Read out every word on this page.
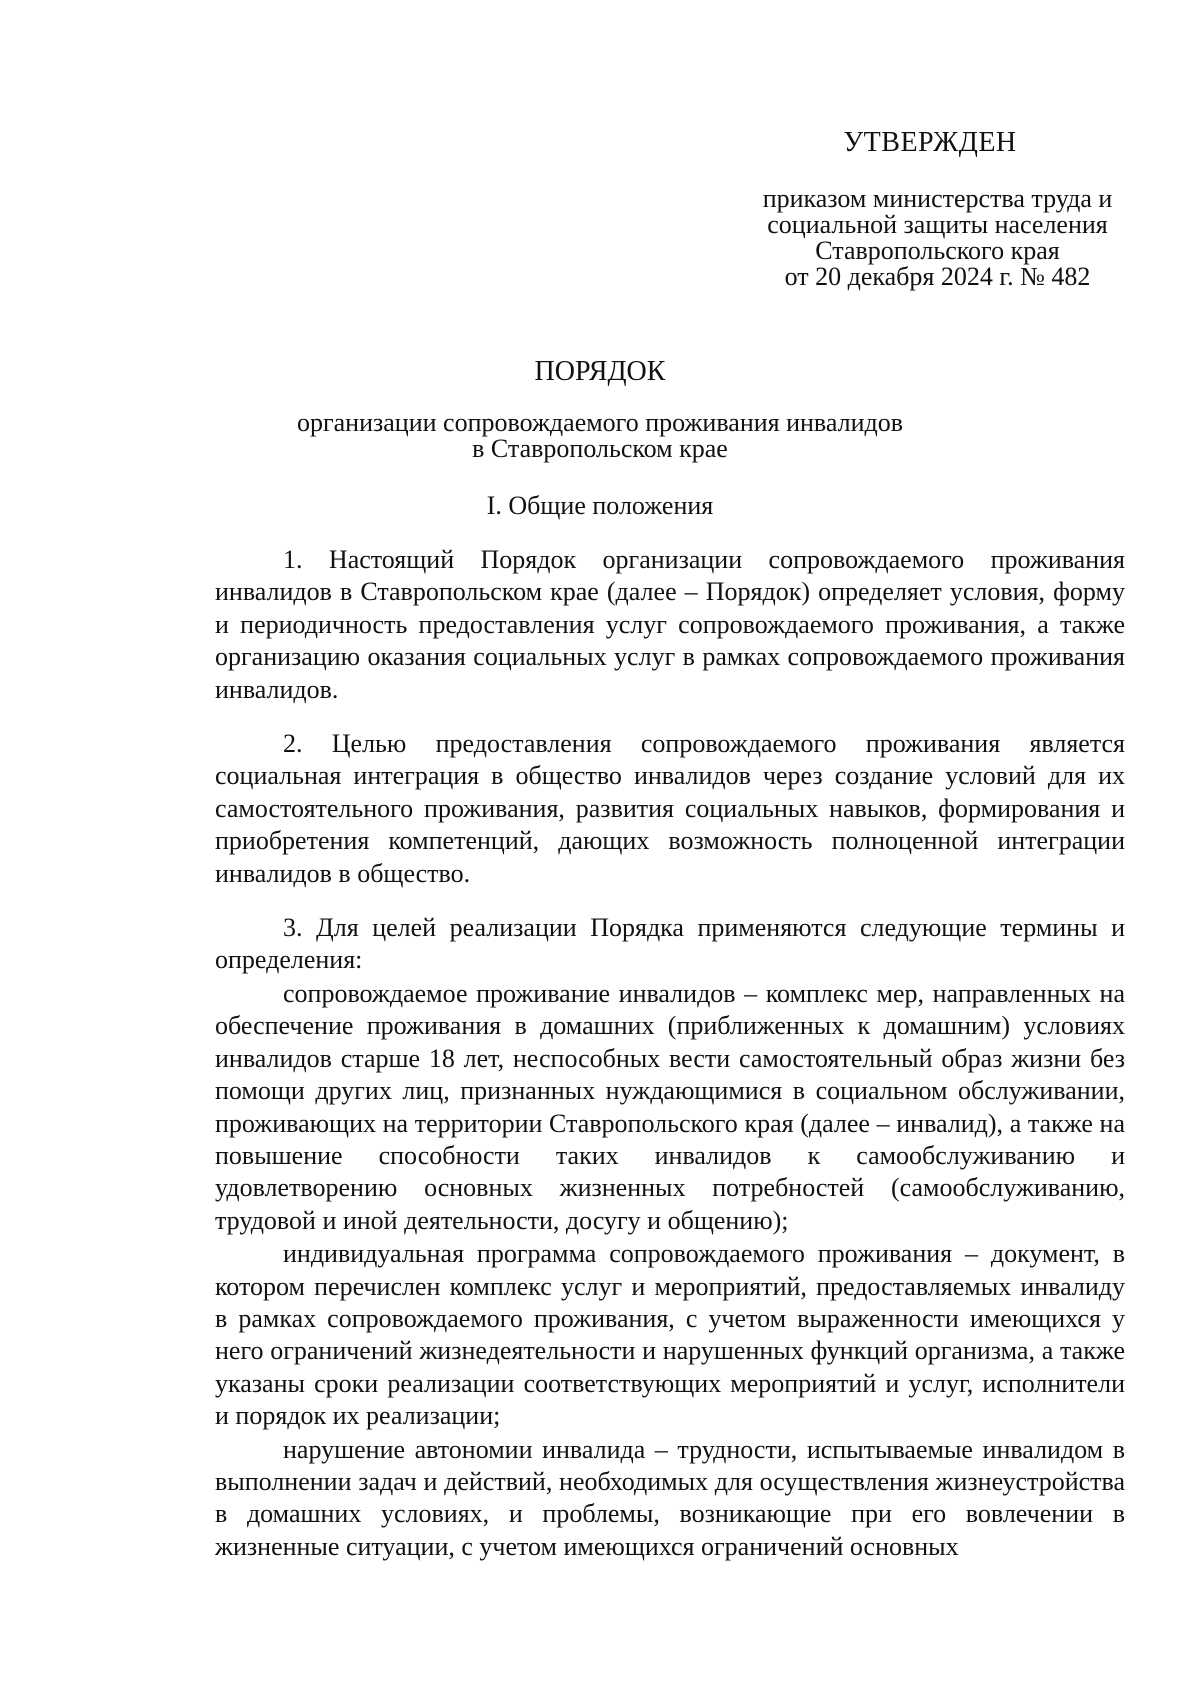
УТВЕРЖДЕН
приказом министерства труда и
социальной защиты населения
Ставропольского края
от 20 декабря 2024 г. № 482
ПОРЯДОК
организации сопровождаемого проживания инвалидов
в Ставропольском крае
I. Общие положения

1. Настоящий Порядок организации сопровождаемого проживания инвалидов в Ставропольском крае (далее – Порядок) определяет условия, форму и периодичность предоставления услуг сопровождаемого проживания, а также организацию оказания социальных услуг в рамках сопровождаемого проживания инвалидов.

2. Целью предоставления сопровождаемого проживания является социальная интеграция в общество инвалидов через создание условий для их самостоятельного проживания, развития социальных навыков, формирования и приобретения компетенций, дающих возможность полноценной интеграции инвалидов в общество.

3. Для целей реализации Порядка применяются следующие термины и определения:

сопровождаемое проживание инвалидов – комплекс мер, направленных на обеспечение проживания в домашних (приближенных к домашним) условиях инвалидов старше 18 лет, неспособных вести самостоятельный образ жизни без помощи других лиц, признанных нуждающимися в социальном обслуживании, проживающих на территории Ставропольского края (далее – инвалид), а также на повышение способности таких инвалидов к самообслуживанию и удовлетворению основных жизненных потребностей (самообслуживанию, трудовой и иной деятельности, досугу и общению);

индивидуальная программа сопровождаемого проживания – документ, в котором перечислен комплекс услуг и мероприятий, предоставляемых инвалиду в рамках сопровождаемого проживания, с учетом выраженности имеющихся у него ограничений жизнедеятельности и нарушенных функций организма, а также указаны сроки реализации соответствующих мероприятий и услуг, исполнители и порядок их реализации;

нарушение автономии инвалида – трудности, испытываемые инвалидом в выполнении задач и действий, необходимых для осуществления жизнеустройства в домашних условиях, и проблемы, возникающие при его вовлечении в жизненные ситуации, с учетом имеющихся ограничений основных
